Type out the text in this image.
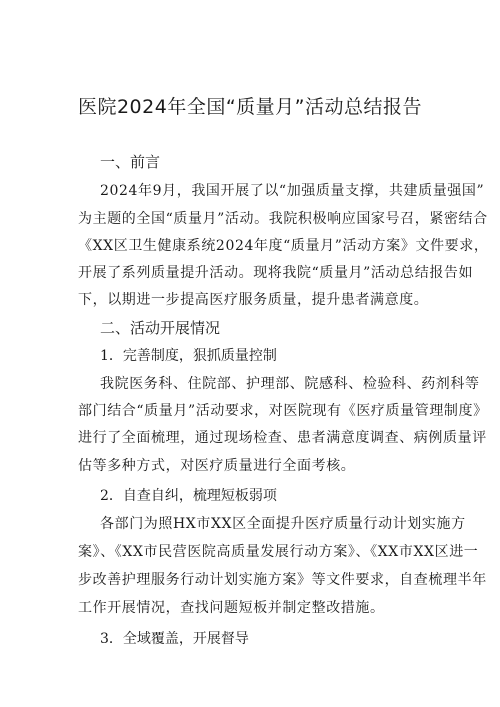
医院2024年全国“质量月”活动总结报告
一、前言
2024年9月，我国开展了以“加强质量支撑，共建质量强国”
为主题的全国“质量月”活动。我院积极响应国家号召，紧密结合
《XX区卫生健康系统2024年度“质量月”活动方案》文件要求，
开展了系列质量提升活动。现将我院“质量月”活动总结报告如
下，以期进一步提高医疗服务质量，提升患者满意度。
二、活动开展情况
1．完善制度，狠抓质量控制
我院医务科、住院部、护理部、院感科、检验科、药剂科等
部门结合“质量月”活动要求，对医院现有《医疗质量管理制度》
进行了全面梳理，通过现场检查、患者满意度调查、病例质量评
估等多种方式，对医疗质量进行全面考核。
2．自查自纠，梳理短板弱项
各部门为照HX市XX区全面提升医疗质量行动计划实施方
案》、《XX市民营医院高质量发展行动方案》、《XX市XX区进一
步改善护理服务行动计划实施方案》等文件要求，自查梳理半年
工作开展情况，查找问题短板并制定整改措施。
3．全域覆盖，开展督导
